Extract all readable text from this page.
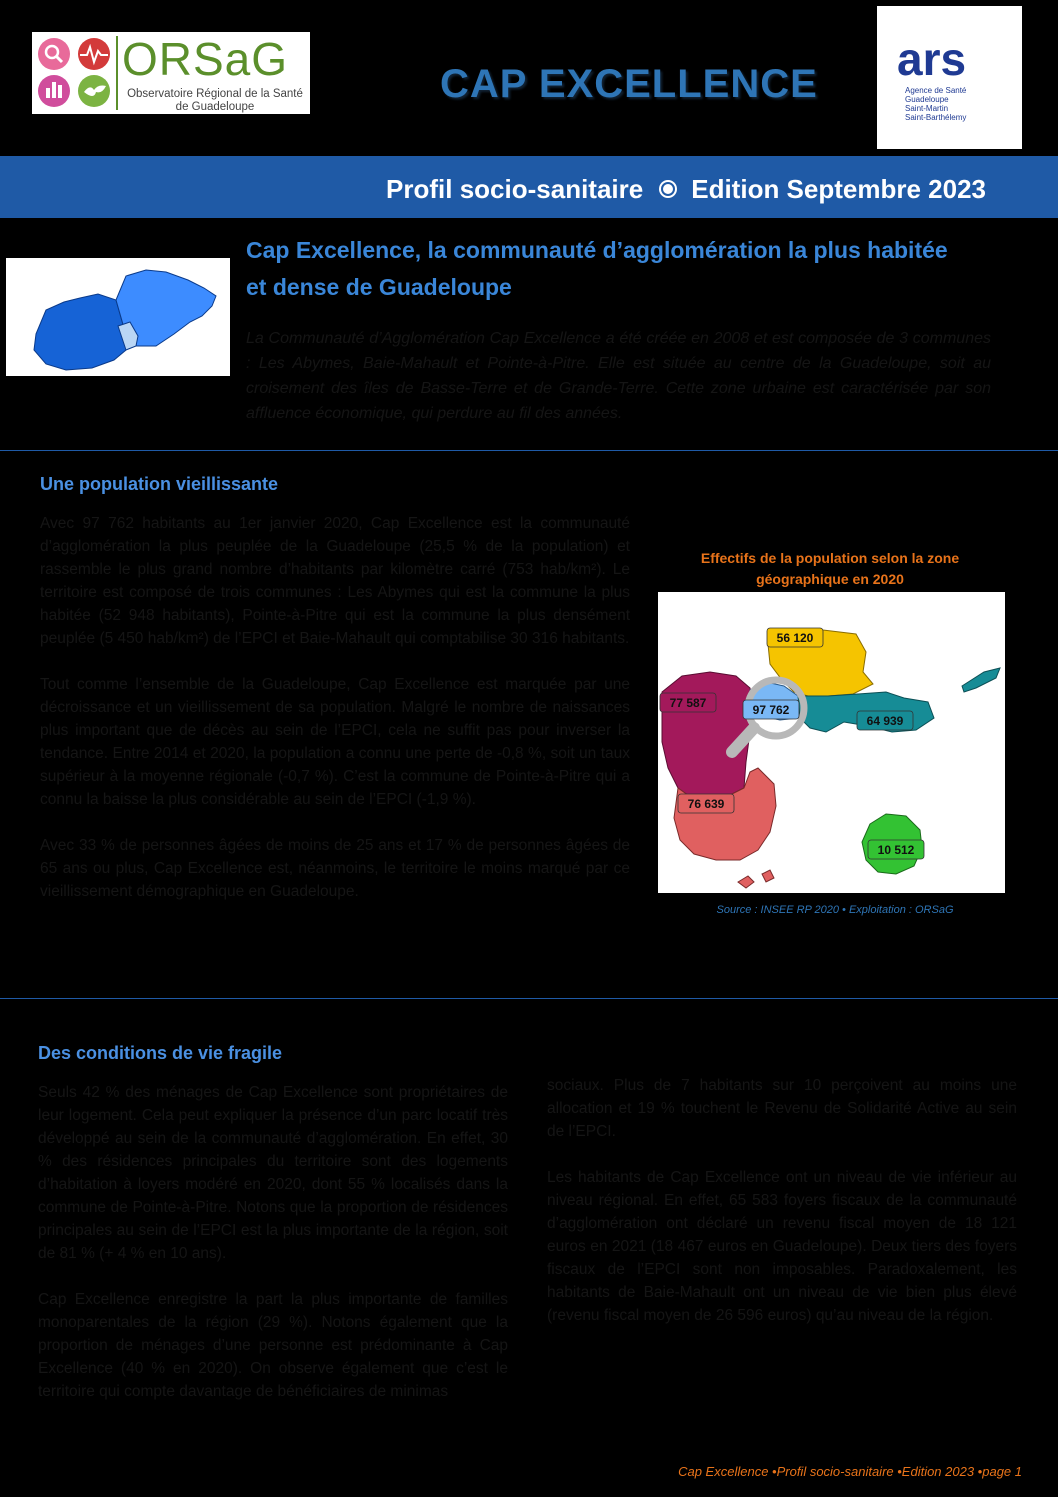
ORSaG
Observatoire Régional de la Santé de Guadeloupe
CAP EXCELLENCE ars
Agence de Santé
Guadeloupe
Saint-Martin
Saint-Barthélemy
Profil socio-sanitaire Edition Septembre 2023
Cap Excellence, la communauté d’agglomération la plus habitée et dense de Guadeloupe
La Communauté d’Agglomération Cap Excellence a été créée en 2008 et est composée de 3 communes : Les Abymes, Baie-Mahault et Pointe-à-Pitre. Elle est située au centre de la Guadeloupe, soit au croisement des îles de Basse-Terre et de Grande-Terre. Cette zone urbaine est caractérisée par son affluence économique, qui perdure au fil des années.
Une population vieillissante

Avec 97 762 habitants au 1er janvier 2020, Cap Excellence est la communauté d’agglomération la plus peuplée de la Guadeloupe (25,5 % de la population) et rassemble le plus grand nombre d’habitants par kilomètre carré (753 hab/km²). Le territoire est composé de trois communes : Les Abymes qui est la commune la plus habitée (52 948 habitants), Pointe-à-Pitre qui est la commune la plus densément peuplée (5 450 hab/km²) de l’EPCI et Baie-Mahault qui comptabilise 30 316 habitants.

Tout comme l’ensemble de la Guadeloupe, Cap Excellence est marquée par une décroissance et un vieillissement de sa population. Malgré le nombre de naissances plus important que de décès au sein de l’EPCI, cela ne suffit pas pour inverser la tendance. Entre 2014 et 2020, la population a connu une perte de -0,8 %, soit un taux supérieur à la moyenne régionale (-0,7 %). C’est la commune de Pointe-à-Pitre qui a connu la baisse la plus considérable au sein de l’EPCI (-1,9 %).

Avec 33 % de personnes âgées de moins de 25 ans et 17 % de personnes âgées de 65 ans ou plus, Cap Excellence est, néanmoins, le territoire le moins marqué par ce vieillissement démographique en Guadeloupe.

Effectifs de la population selon la zone géographique en 2020
56 120
77 587	97 762
64 939
76 639
10 512
Source : INSEE RP 2020 • Exploitation : ORSaG
Des conditions de vie fragile

Seuls 42 % des ménages de Cap Excellence sont propriétaires de leur logement. Cela peut expliquer la présence d’un parc locatif très développé au sein de la communauté d’agglomération. En effet, 30 % des résidences principales du territoire sont des logements d’habitation à loyers modéré en 2020, dont 55 % localisés dans la commune de Pointe-à-Pitre. Notons que la proportion de résidences principales au sein de l’EPCI est la plus importante de la région, soit de 81 % (+ 4 % en 10 ans).

Cap Excellence enregistre la part la plus importante de familles monoparentales de la région (29 %). Notons également que la proportion de ménages d’une personne est prédominante à Cap Excellence (40 % en 2020). On observe également que c’est le territoire qui compte davantage de bénéficiaires de minimas

sociaux. Plus de 7 habitants sur 10 perçoivent au moins une allocation et 19 % touchent le Revenu de Solidarité Active au sein de l’EPCI.

Les habitants de Cap Excellence ont un niveau de vie inférieur au niveau régional. En effet, 65 583 foyers fiscaux de la communauté d’agglomération ont déclaré un revenu fiscal moyen de 18 121 euros en 2021 (18 467 euros en Guadeloupe). Deux tiers des foyers fiscaux de l’EPCI sont non imposables. Paradoxalement, les habitants de Baie-Mahault ont un niveau de vie bien plus élevé (revenu fiscal moyen de 26 596 euros) qu’au niveau de la région.

Cap Excellence •Profil socio-sanitaire •Edition 2023 •page 1
